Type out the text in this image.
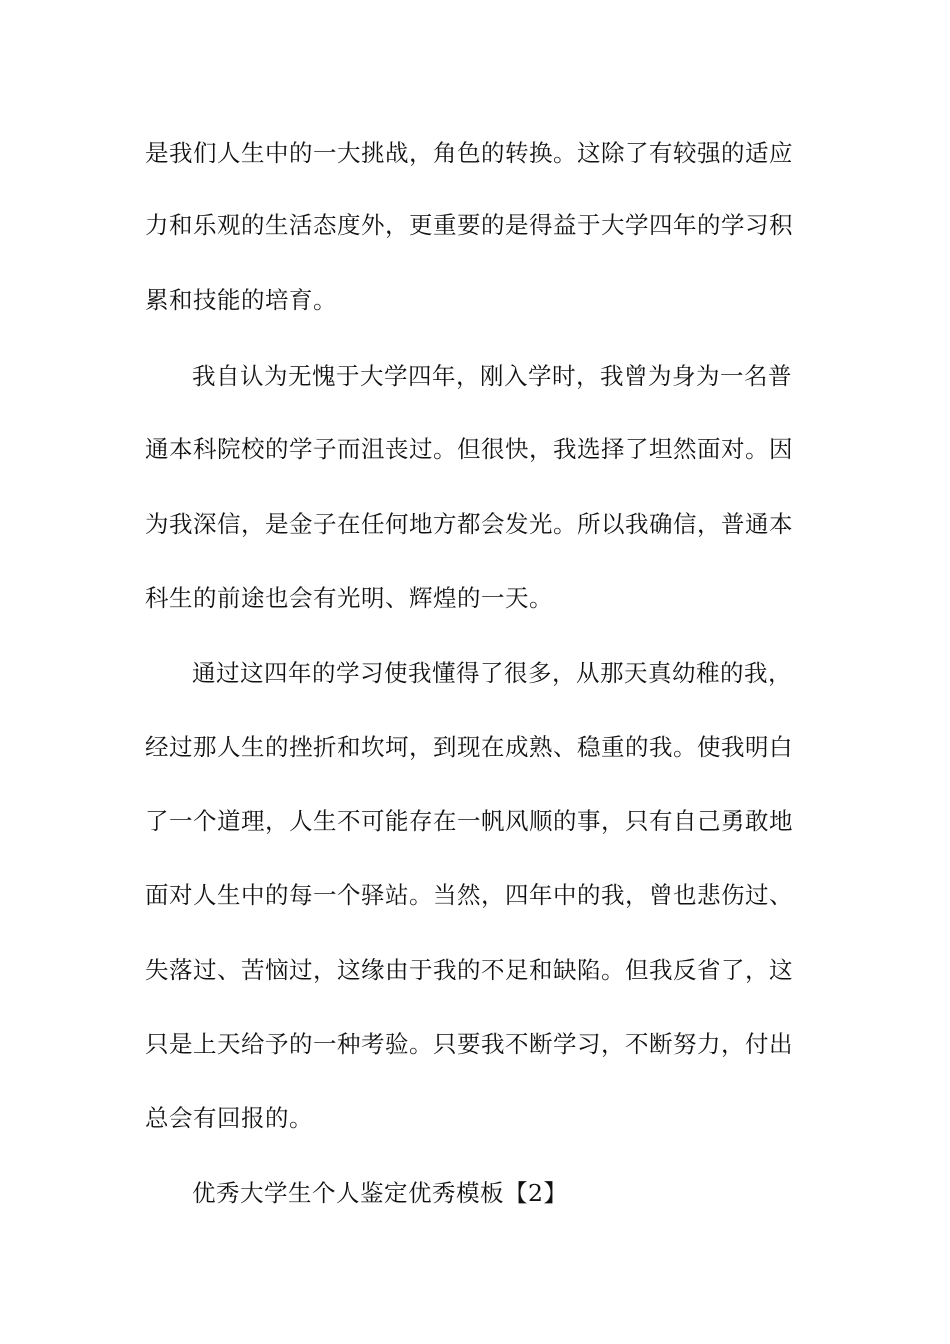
是我们人生中的一大挑战，角色的转换。这除了有较强的适应
力和乐观的生活态度外，更重要的是得益于大学四年的学习积
累和技能的培育。
我自认为无愧于大学四年，刚入学时，我曾为身为一名普
通本科院校的学子而沮丧过。但很快，我选择了坦然面对。因
为我深信，是金子在任何地方都会发光。所以我确信，普通本
科生的前途也会有光明、辉煌的一天。
通过这四年的学习使我懂得了很多，从那天真幼稚的我，
经过那人生的挫折和坎坷，到现在成熟、稳重的我。使我明白
了一个道理，人生不可能存在一帆风顺的事，只有自己勇敢地
面对人生中的每一个驿站。当然，四年中的我，曾也悲伤过、
失落过、苦恼过，这缘由于我的不足和缺陷。但我反省了，这
只是上天给予的一种考验。只要我不断学习，不断努力，付出
总会有回报的。
优秀大学生个人鉴定优秀模板【2】
